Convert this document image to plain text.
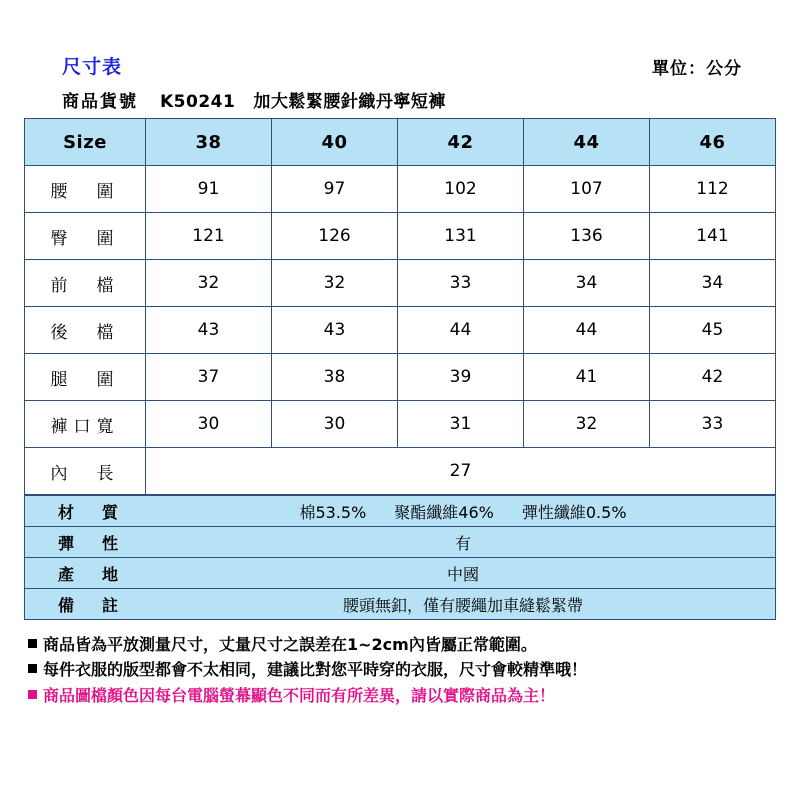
尺寸表	單位：公分
商品貨號 K50241 加大鬆緊腰針織丹寧短褲
Size	38	40	42	44	46
腰　圍	91	97	102	107	112
臀　圍	121	126	131	136	141
前　檔	32	32	33	34	34
後　檔	43	43	44	44	45
腿　圍	37	38	39	41	42
褲口寬	30	30	31	32	33
內　長	27				
材　質	棉53.5% 聚酯纖維46% 彈性纖維0.5%

彈　性	有
產　地	中國
備　註	腰頭無釦，僅有腰繩加車縫鬆緊帶
商品皆為平放測量尺寸，丈量尺寸之誤差在1~2cm內皆屬正常範圍。
每件衣服的版型都會不太相同，建議比對您平時穿的衣服，尺寸會較精準哦！
商品圖檔顏色因每台電腦螢幕顯色不同而有所差異，請以實際商品為主！
